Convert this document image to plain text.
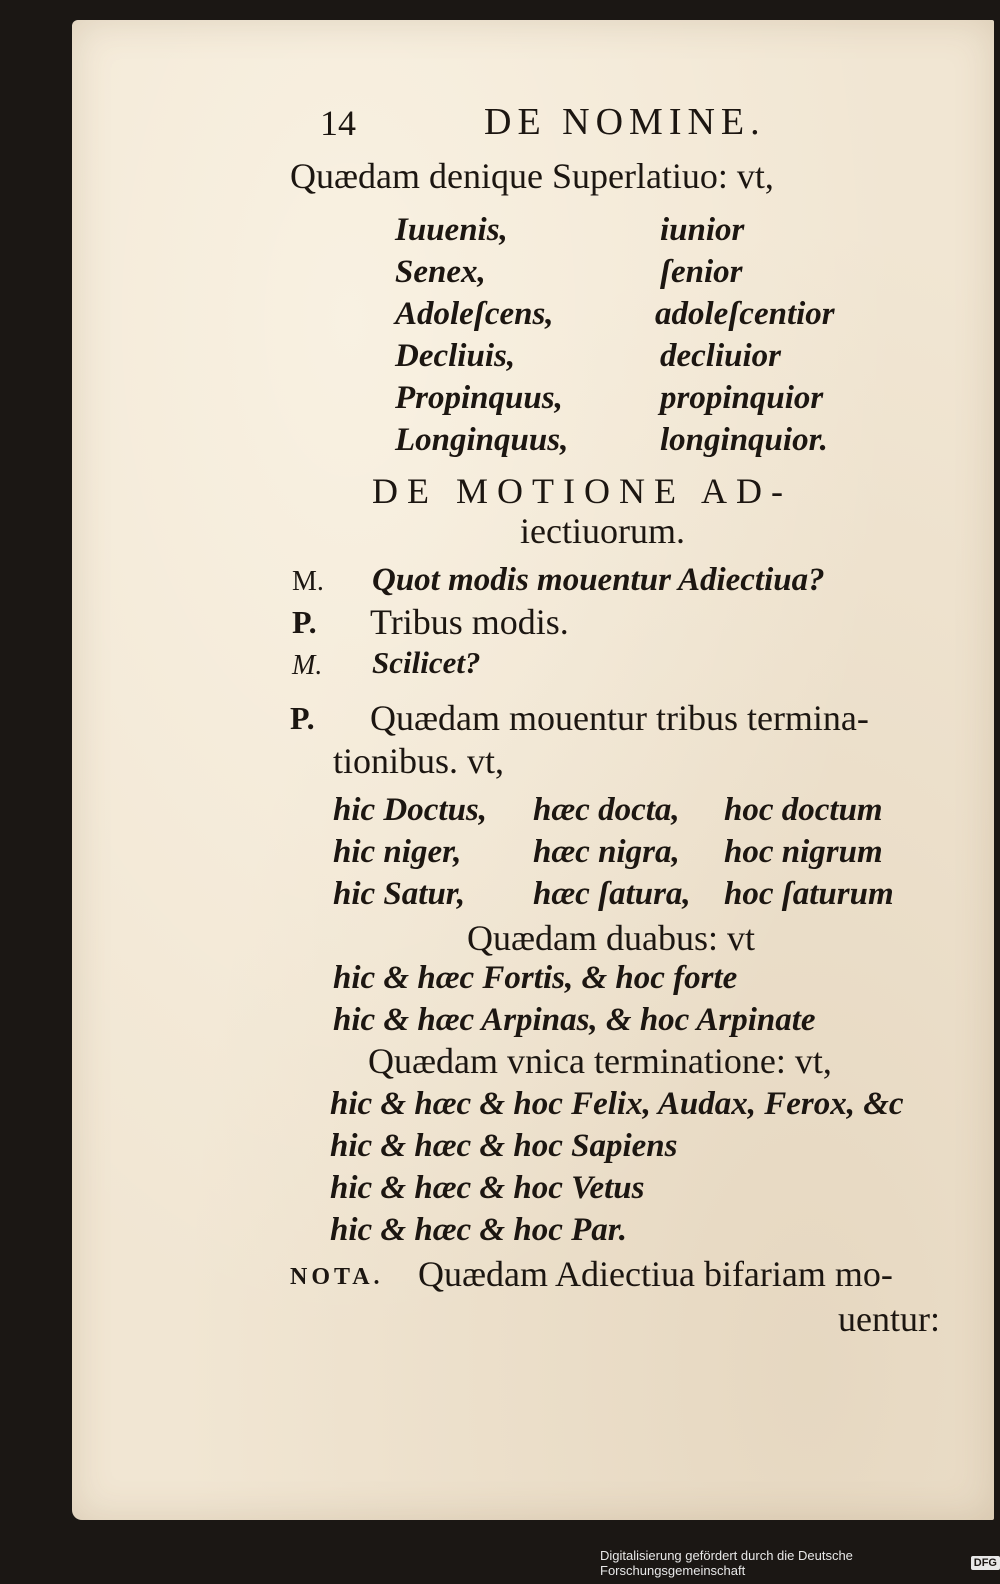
14	DE NOMINE.
Quædam denique Superlatiuo: vt,
Iuuenis,	iunior
Senex,	ſenior
Adoleſcens,	adoleſcentior
Decliuis,	decliuior
Propinquus,	propinquior
Longinquus,	longinquior.
DE MOTIONE AD-
iectiuorum.
M. Quot modis mouentur Adiectiua?
P. Tribus modis.
M. Scilicet?
P. Quædam mouentur tribus termina-
tionibus. vt,
hic Doctus, hæc docta, hoc doctum
hic niger, hæc nigra, hoc nigrum
hic Satur, hæc ſatura, hoc ſaturum
Quædam duabus: vt
hic & hæc Fortis, & hoc forte
hic & hæc Arpinas, & hoc Arpinate
Quædam vnica terminatione: vt,
hic & hæc & hoc Felix, Audax, Ferox, &c
hic & hæc & hoc Sapiens
hic & hæc & hoc Vetus
hic & hæc & hoc Par.
NOTA. Quædam Adiectiua bifariam mo-
uentur:
Digitalisierung gefördert durch die Deutsche Forschungsgemeinschaft	DFG
